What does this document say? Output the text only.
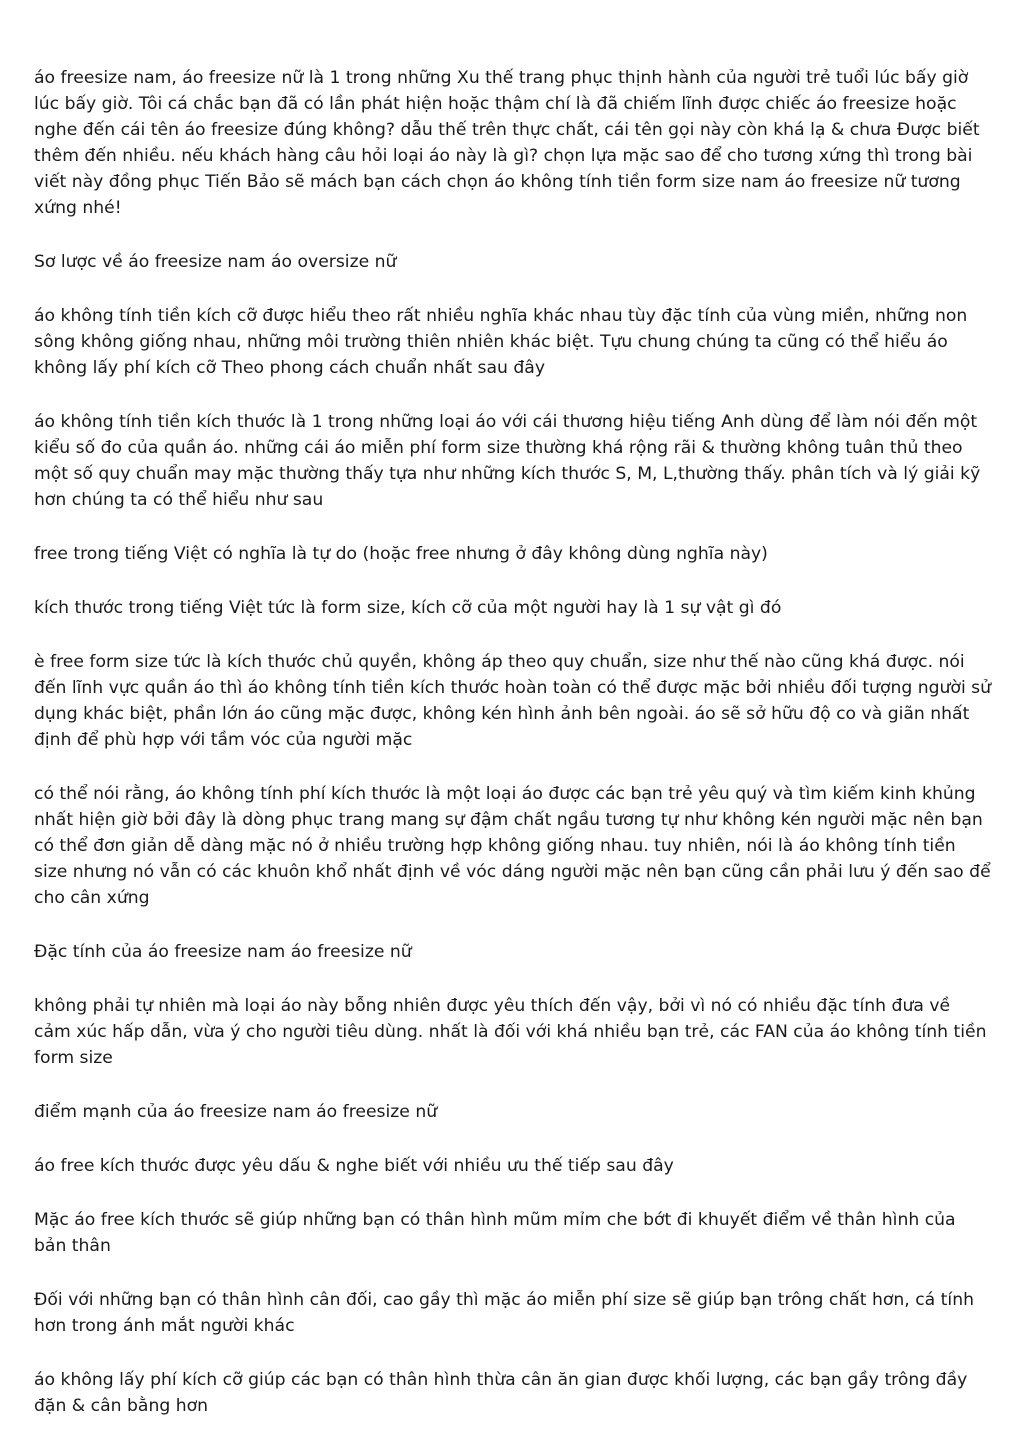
áo freesize nam, áo freesize nữ là 1 trong những Xu thế trang phục thịnh hành của người trẻ tuổi lúc bấy giờ lúc bấy giờ. Tôi cá chắc bạn đã có lần phát hiện hoặc thậm chí là đã chiếm lĩnh được chiếc áo freesize hoặc nghe đến cái tên áo freesize đúng không? dẫu thế trên thực chất, cái tên gọi này còn khá lạ & chưa Được biết thêm đến nhiều. nếu khách hàng câu hỏi loại áo này là gì? chọn lựa mặc sao để cho tương xứng thì trong bài viết này đồng phục Tiến Bảo sẽ mách bạn cách chọn áo không tính tiền form size nam áo freesize nữ tương xứng nhé!

Sơ lược về áo freesize nam áo oversize nữ

áo không tính tiền kích cỡ được hiểu theo rất nhiều nghĩa khác nhau tùy đặc tính của vùng miền, những non sông không giống nhau, những môi trường thiên nhiên khác biệt. Tựu chung chúng ta cũng có thể hiểu áo không lấy phí kích cỡ Theo phong cách chuẩn nhất sau đây

áo không tính tiền kích thước là 1 trong những loại áo với cái thương hiệu tiếng Anh dùng để làm nói đến một kiểu số đo của quần áo. những cái áo miễn phí form size thường khá rộng rãi & thường không tuân thủ theo một số quy chuẩn may mặc thường thấy tựa như những kích thước S, M, L,thường thấy. phân tích và lý giải kỹ hơn chúng ta có thể hiểu như sau

free trong tiếng Việt có nghĩa là tự do (hoặc free nhưng ở đây không dùng nghĩa này)

kích thước trong tiếng Việt tức là form size, kích cỡ của một người hay là 1 sự vật gì đó

è free form size tức là kích thước chủ quyền, không áp theo quy chuẩn, size như thế nào cũng khá được. nói đến lĩnh vực quần áo thì áo không tính tiền kích thước hoàn toàn có thể được mặc bởi nhiều đối tượng người sử dụng khác biệt, phần lớn áo cũng mặc được, không kén hình ảnh bên ngoài. áo sẽ sở hữu độ co và giãn nhất định để phù hợp với tầm vóc của người mặc

có thể nói rằng, áo không tính phí kích thước là một loại áo được các bạn trẻ yêu quý và tìm kiếm kinh khủng nhất hiện giờ bởi đây là dòng phục trang mang sự đậm chất ngầu tương tự như không kén người mặc nên bạn có thể đơn giản dễ dàng mặc nó ở nhiều trường hợp không giống nhau. tuy nhiên, nói là áo không tính tiền size nhưng nó vẫn có các khuôn khổ nhất định về vóc dáng người mặc nên bạn cũng cần phải lưu ý đến sao để cho cân xứng

Đặc tính của áo freesize nam áo freesize nữ

không phải tự nhiên mà loại áo này bỗng nhiên được yêu thích đến vậy, bởi vì nó có nhiều đặc tính đưa về cảm xúc hấp dẫn, vừa ý cho người tiêu dùng. nhất là đối với khá nhiều bạn trẻ, các FAN của áo không tính tiền form size

điểm mạnh của áo freesize nam áo freesize nữ

áo free kích thước được yêu dấu & nghe biết với nhiều ưu thế tiếp sau đây

Mặc áo free kích thước sẽ giúp những bạn có thân hình mũm mỉm che bớt đi khuyết điểm về thân hình của bản thân

Đối với những bạn có thân hình cân đối, cao gầy thì mặc áo miễn phí size sẽ giúp bạn trông chất hơn, cá tính hơn trong ánh mắt người khác

áo không lấy phí kích cỡ giúp các bạn có thân hình thừa cân ăn gian được khối lượng, các bạn gầy trông đầy đặn & cân bằng hơn
